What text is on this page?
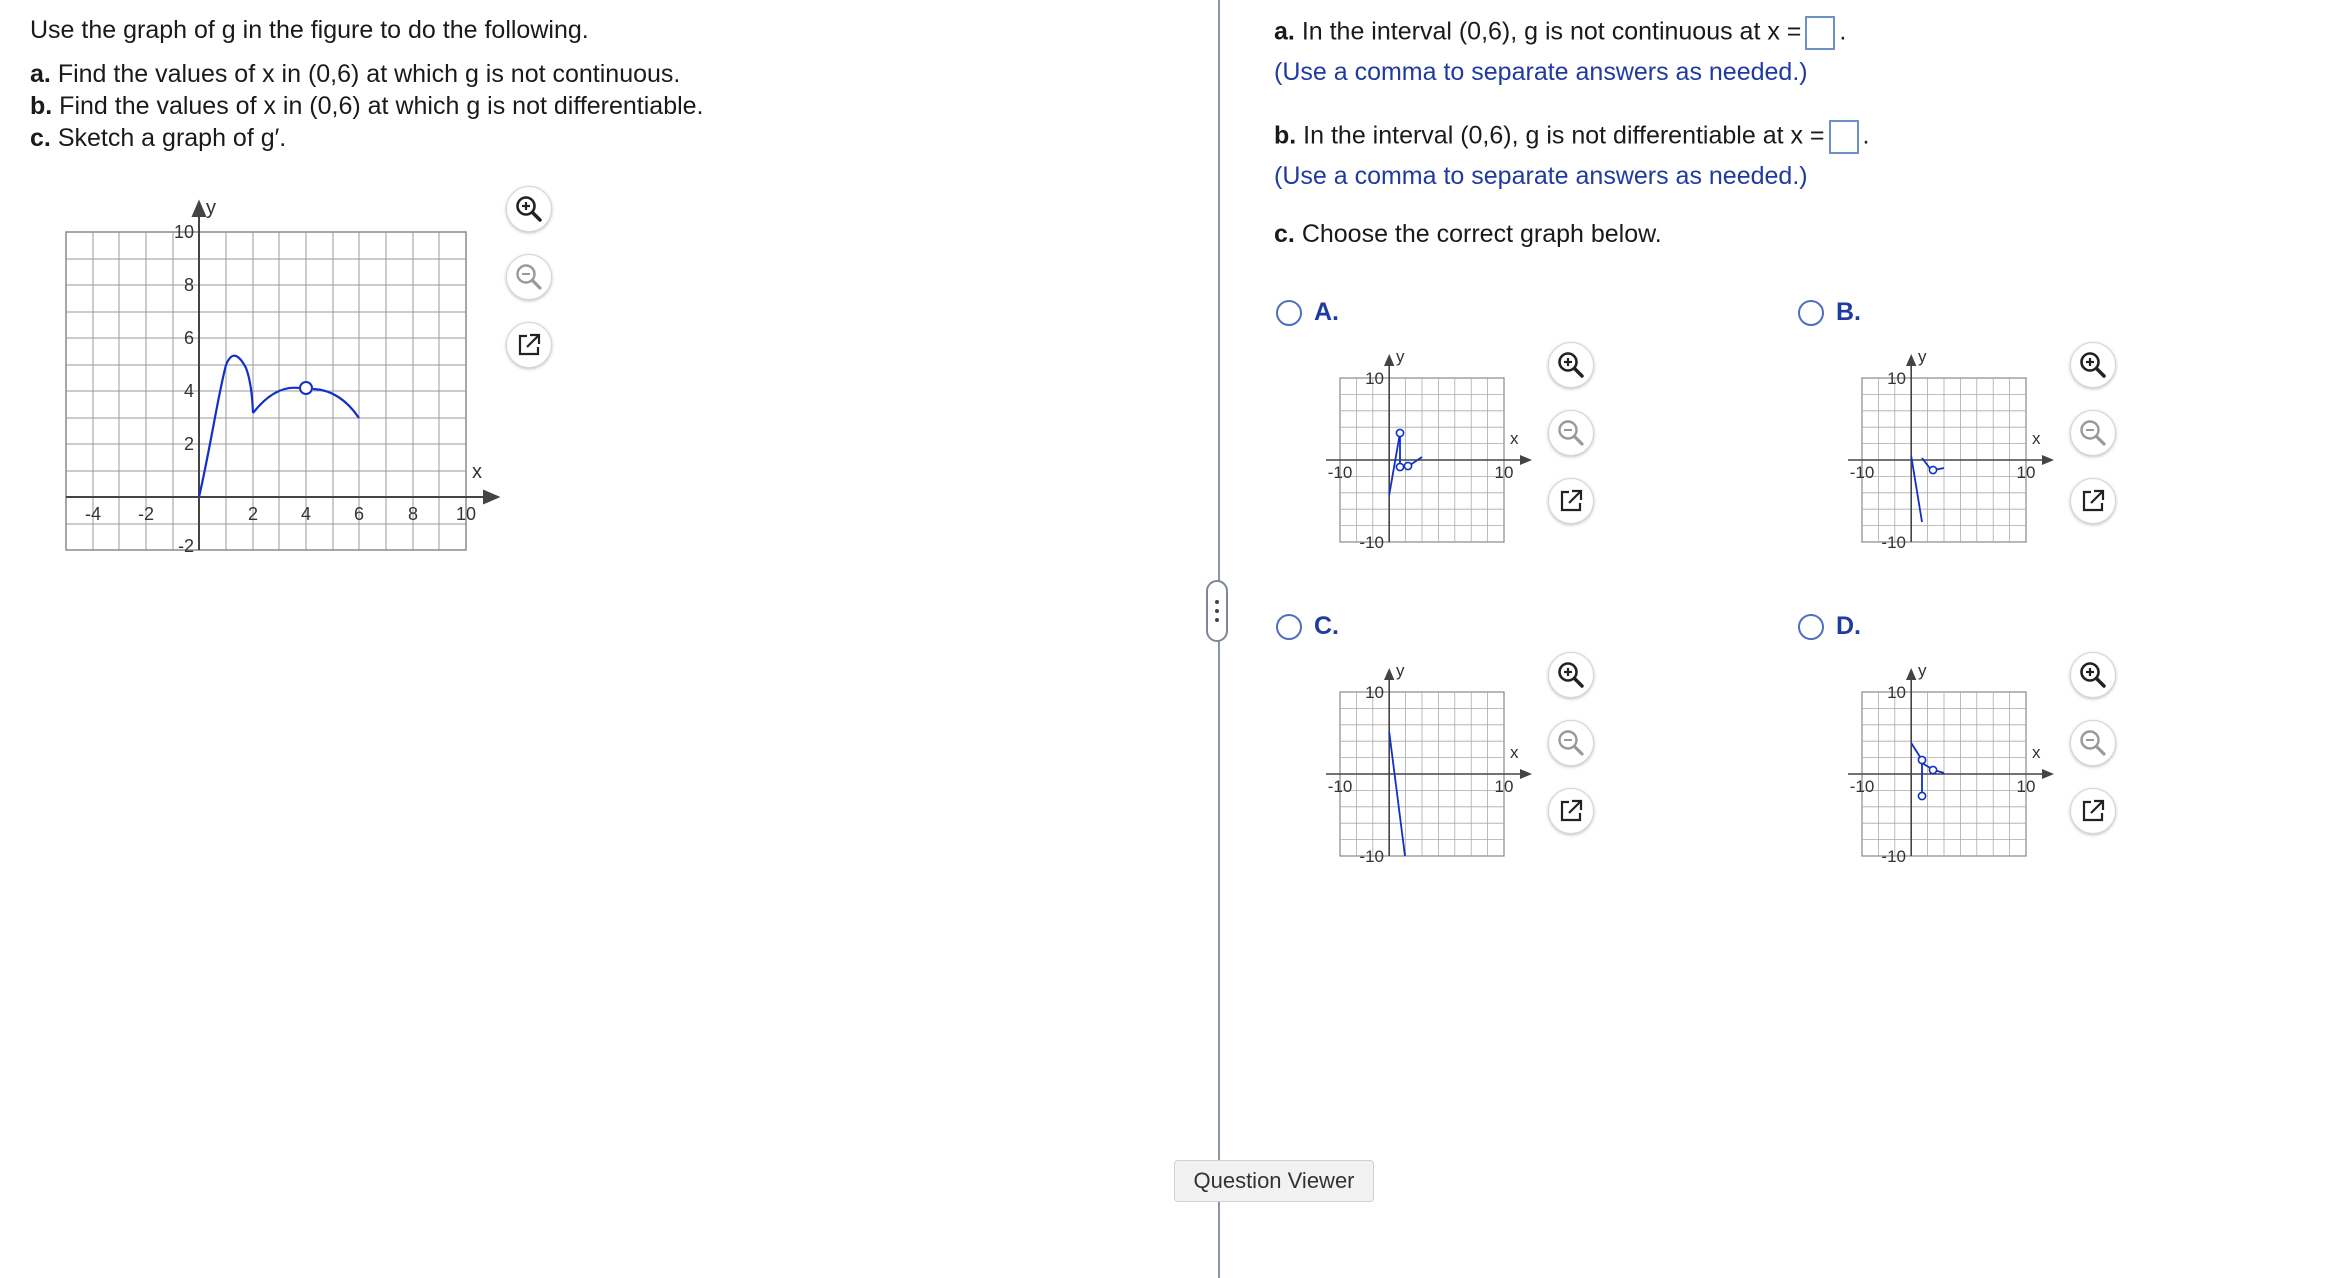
Use the graph of g in the figure to do the following.

a. Find the values of x in (0,6) at which g is not continuous.
b. Find the values of x in (0,6) at which g is not differentiable.
c. Sketch a graph of g′.
y
x
-4 -2	2 4 6 8 10
10
8
6
4
2
-2
Question Viewer
a. In the interval (0,6), g is not continuous at x = .
(Use a comma to separate answers as needed.)
b. In the interval (0,6), g is not differentiable at x = .
(Use a comma to separate answers as needed.)
c. Choose the correct graph below.
A.
y
x
10
-10
-10	10
B.
y
x
10
-10
-10	10
C.
y
x
10
-10
-10	10
D.
y
x
10
-10
-10	10
